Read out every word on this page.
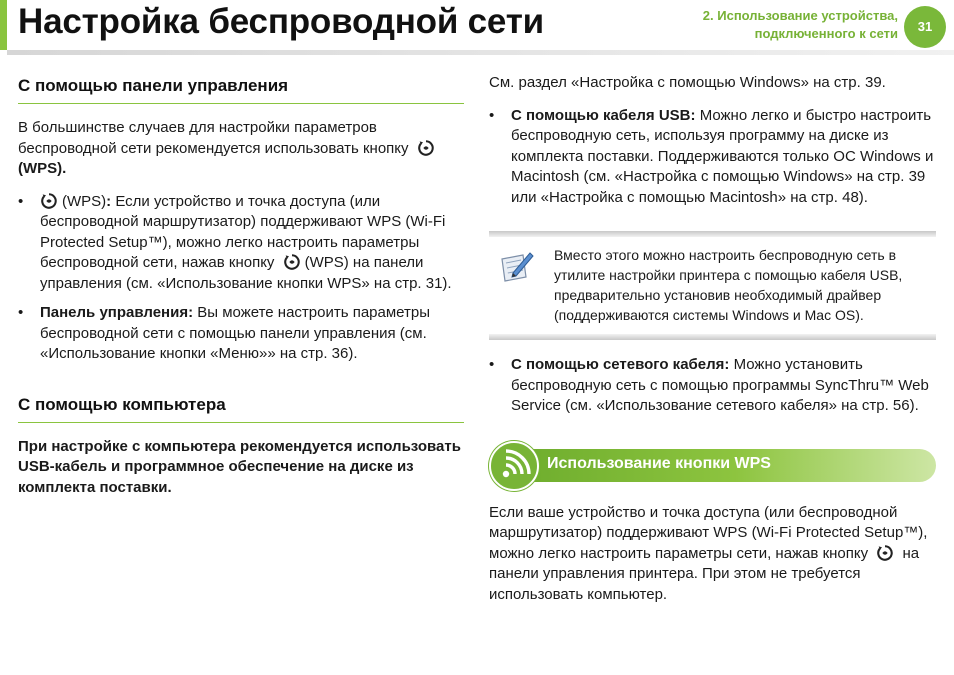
Настройка беспроводной сети	2. Использование устройства,
подключенного к сети	31
С помощью панели управления

В большинстве случаев для настройки параметров беспроводной сети рекомендуется использовать кнопку
(WPS).

• (WPS): Если устройство и точка доступа (или беспроводной маршрутизатор) поддерживают WPS (Wi-Fi Protected Setup™), можно легко настроить параметры беспроводной сети, нажав кнопку (WPS) на панели управления (см. «Использование кнопки WPS» на стр. 31).
• Панель управления: Вы можете настроить параметры беспроводной сети с помощью панели управления (см. «Использование кнопки «Меню»» на стр. 36).
С помощью компьютера

При настройке с компьютера рекомендуется использовать USB-кабель и программное обеспечение на диске из комплекта поставки.

См. раздел «Настройка с помощью Windows» на стр. 39.

• С помощью кабеля USB: Можно легко и быстро настроить беспроводную сеть, используя программу на диске из комплекта поставки. Поддерживаются только ОС Windows и Macintosh (см. «Настройка с помощью Windows» на стр. 39 или «Настройка с помощью Macintosh» на стр. 48).
Вместо этого можно настроить беспроводную сеть в утилите настройки принтера с помощью кабеля USB, предварительно установив необходимый драйвер (поддерживаются системы Windows и Mac OS).
• С помощью сетевого кабеля: Можно установить беспроводную сеть с помощью программы SyncThru™ Web Service (см. «Использование сетевого кабеля» на стр. 56).
Использование кнопки WPS

Если ваше устройство и точка доступа (или беспроводной маршрутизатор) поддерживают WPS (Wi-Fi Protected Setup™), можно легко настроить параметры сети, нажав кнопку на панели управления принтера. При этом не требуется использовать компьютер.
